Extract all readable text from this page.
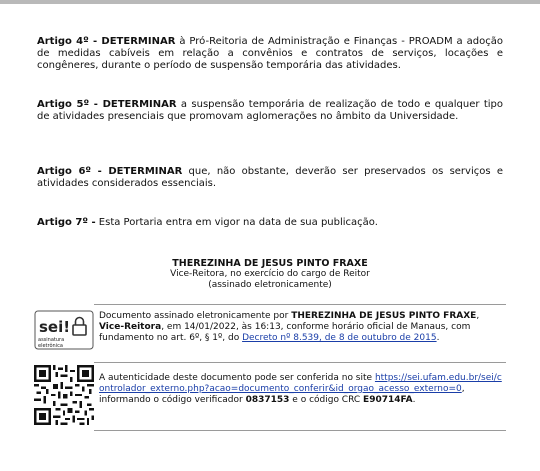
Artigo 4º - DETERMINAR à Pró-Reitoria de Administração e Finanças - PROADM a adoção de medidas cabíveis em relação a convênios e contratos de serviços, locações e congêneres, durante o período de suspensão temporária das atividades.
Artigo 5º - DETERMINAR a suspensão temporária de realização de todo e qualquer tipo de atividades presenciais que promovam aglomerações no âmbito da Universidade.
Artigo 6º - DETERMINAR que, não obstante, deverão ser preservados os serviços e atividades considerados essenciais.
Artigo 7º - Esta Portaria entra em vigor na data de sua publicação.
THEREZINHA DE JESUS PINTO FRAXE
Vice-Reitora, no exercício do cargo de Reitor
(assinado eletronicamente)
sei!
assinatura
eletrônica
Documento assinado eletronicamente por THEREZINHA DE JESUS PINTO FRAXE, Vice-Reitora, em 14/01/2022, às 16:13, conforme horário oficial de Manaus, com fundamento no art. 6º, § 1º, do Decreto nº 8.539, de 8 de outubro de 2015.
A autenticidade deste documento pode ser conferida no site https://sei.ufam.edu.br/sei/controlador_externo.php?acao=documento_conferir&id_orgao_acesso_externo=0, informando o código verificador 0837153 e o código CRC E90714FA.
